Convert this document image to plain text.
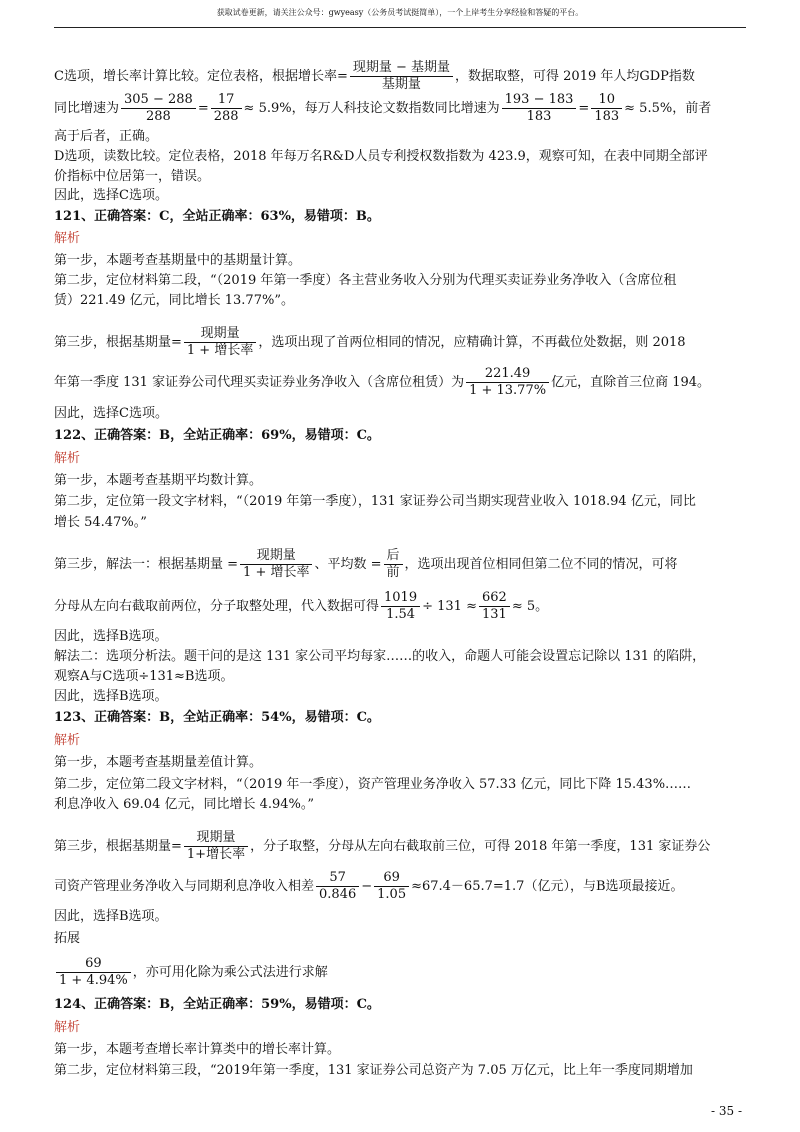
获取试卷更新，请关注公众号：gwyeasy（公务员考试挺简单），一个上岸考生分享经验和答疑的平台。
C选项，增长率计算比较。定位表格，根据增长率=
现期量 − 基期量
基期量
，数据取整，可得 2019 年人均GDP指数
同比增速为 $\frac{305 - 288}{288} = \frac{17}{288} \approx 5.9\%$，每万人科技论文数指数同比增速为 $\frac{193 - 183}{183} = \frac{10}{183} \approx 5.5\%$，前者
高于后者，正确。
D选项，读数比较。定位表格，2018 年每万名R&D人员专利授权数指数为 423.9，观察可知，在表中同期全部评
价指标中位居第一，错误。
因此，选择C选项。
121、正确答案：C，全站正确率：63%，易错项：B。
解析
第一步，本题考查基期量中的基期量计算。
第二步，定位材料第二段，“（2019 年第一季度）各主营业务收入分别为代理买卖证券业务净收入（含席位租
赁）221.49 亿元，同比增长 13.77%”。
第三步，根据基期量=
现期量
1 + 增长率
，选项出现了首两位相同的情况，应精确计算，不再截位处数据，则 2018
年第一季度 131 家证券公司代理买卖证券业务净收入（含席位租赁）为 $\frac{221.49}{1 + 13.77\%}$ 亿元，直除首三位商 194。
因此，选择C选项。
122、正确答案：B，全站正确率：69%，易错项：C。
解析
第一步，本题考查基期平均数计算。
第二步，定位第一段文字材料，“（2019 年第一季度），131 家证券公司当期实现营业收入 1018.94 亿元，同比
增长 54.47%。”
第三步，解法一：根据基期量 =
现期量
1 + 增长率
、平均数 =
后
前
，选项出现首位相同但第二位不同的情况，可将
分母从左向右截取前两位，分子取整处理，代入数据可得 $\frac{1019}{1.54} \div 131 \approx \frac{662}{131} \approx 5$。
因此，选择B选项。
解法二：选项分析法。题干问的是这 131 家公司平均每家……的收入，命题人可能会设置忘记除以 131 的陷阱，
观察A与C选项÷131≈B选项。
因此，选择B选项。
123、正确答案：B，全站正确率：54%，易错项：C。
解析
第一步，本题考查基期量差值计算。
第二步，定位第二段文字材料，“（2019 年一季度），资产管理业务净收入 57.33 亿元，同比下降 15.43%……
利息净收入 69.04 亿元，同比增长 4.94%。”
第三步，根据基期量=
现期量
1+增长率
，分子取整，分母从左向右截取前三位，可得 2018 年第一季度，131 家证券公
司资产管理业务净收入与同期利息净收入相差 $\frac{57}{0.846} - \frac{69}{1.05} \approx 67.4-65.7=1.7$（亿元），与B选项最接近。
因此，选择B选项。
拓展
$\frac{69}{1 + 4.94\%}$ ，亦可用化除为乘公式法进行求解
124、正确答案：B，全站正确率：59%，易错项：C。
解析
第一步，本题考查增长率计算类中的增长率计算。
第二步，定位材料第三段，“2019年第一季度，131 家证券公司总资产为 7.05 万亿元，比上年一季度同期增加
- 35 -
